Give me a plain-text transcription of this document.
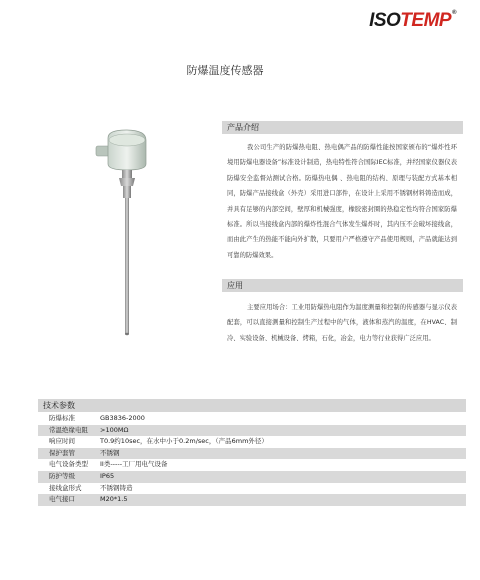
ISOTEMP®
防爆温度传感器
产品介绍

我公司生产的防爆热电阻、热电偶产品的防爆性能按国家颁布的“爆炸性环境用防爆电器设备”标准设计制造，热电特性符合国际IEC标准，并经国家仪器仪表防爆安全监督站测试合格。防爆热电偶 、热电阻的结构、原理与装配方式基本相同，防爆产品接线盒（外壳）采用进口部件，在设计上采用不锈钢材料铸造而成，并具有足够的内部空间，壁厚和机械强度，橡胶密封圈的热稳定性均符合国家防爆标准。所以当接线盒内部的爆炸性混合气体发生爆炸时，其内压不会破坏接线盒，而由此产生的热能不能向外扩散，只要用户严格遵守产品使用规则，产品就能达到可靠的防爆效果。

应用

主要应用场合：工业用防爆热电阻作为温度测量和控制的传感器与显示仪表配套，可以直接测量和控制生产过程中的气体，液体和蒸汽的温度，在HVAC、制冷、实验设备、机械设备、烤箱，石化，冶金，电力等行业获得广泛应用。

技术参数
防爆标准	GB3836-2000
常温绝缘电阻	>100MΩ
响应时间	T0.9约10sec，在水中小于0.2m/sec，（产品6mm外径）
保护套管	不锈钢
电气设备类型	II类-----工厂用电气设备
防护等级	IP65
接线盒形式	不锈钢铸造
电气接口	M20*1.5
